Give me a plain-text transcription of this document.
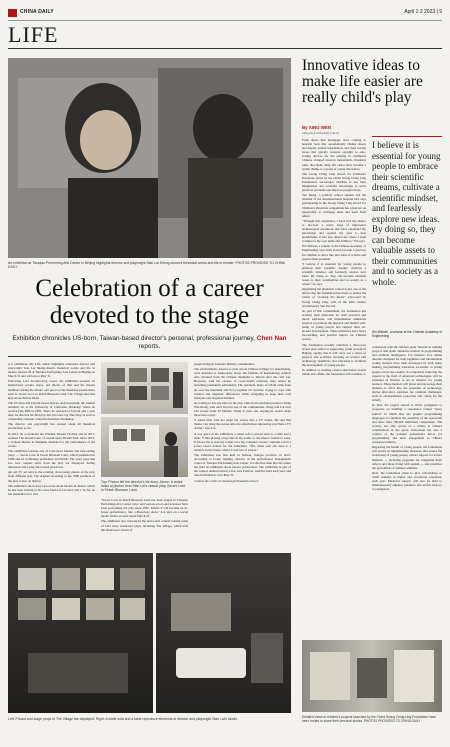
CHINA DAILY	April 1 2 2023 | 9
LIFE
An exhibition at Tianqiao Performing Arts Center in Beijing highlights director and playwright Stan Lai Sheng-chuan's theatrical works and life in theater. PHOTOS PROVIDED TO CHINA DAILY
Innovative ideas to make life easier are really child's play
By XING WEN
xingwen@chinadaily.com.cn

From shoes that disengage laces coming to hospital beds that automatically change sheets and display patient information, and from sewing boxes that quickly reassure eyesight to auto-sorting devices for the parking in traditional Chinese stringed musical instruments, inventive ideas that make daily life easier have become a reality thanks to a group of young innovators.

The Soong Ching Ling Award for Children's Invention, given by the China Soong Ching Ling Foundation, encourages children to use their imagination and scientific knowledge to solve practical problems and improve people's lives.

Tan Meiqi, a primary school student and the inventor of the aforementioned hospital bed, says participating in the Soong Ching Ling Award for Children's Invention competition has given her an opportunity to exchange ideas and learn from others.

"Through this experience, I have had the chance to discover a really large of impressive technological inventions that have expanded my knowledge and opened my eyes to new possibilities. It has also shown me where I need to improve my own skills and abilities," Tan says.

Wu Weiwei, a scholar at the Chinese Academy of Engineering, says such events provide a gateway for children to delve into the realm of science and explore their potential.

"I believe it is essential for young people to embrace their scientific dreams, cultivate a scientific mindset, and fearlessly explore new ideas. By doing so, they can become valuable assets to their communities and to society as a whole," he says.

Organizing the invention contest is just one of the efforts that the foundation has made to realize the vision of "creating the future" advocated by Soong Ching Ling, wife of the 20th century revolutionary Sun Yat-sen.

As part of this commitment, the foundation has actively built platforms for both practical and moral education, and implemented numerous projects to promote the physical and mental well-being of young people and support their all-around development. These initiatives have had a far-reaching and positive impact on Chinese society.

The foundation recently launched a three-year action plan aimed at supporting youth growth in Beijing, saying that it will carry out a series of projects and activities focusing on science and technology, healthcare and education to facilitate the development of young people.

In addition to holding science-innovation events online and offline, the foundation will continue to

I believe it is essential for young people to embrace their scientific dreams, cultivate a scientific mindset, and fearlessly explore new ideas. By doing so, they can become valuable assets to their communities and to society as a whole.
Wu Weiwei, a scholar at the Chinese Academy of Engineering

collaborate with the internet giant Tencent in running projects that spark children's interest in programming and artificial intelligence. For instance, five online tutorials designed for both beginners and intermediate coding learners have been developed by both sides, making programming education accessible to young people across the country. Accompanied exploring the experts in the field of advanced technologies will be extended as invitees to set as mentors for young learners. These mentors will guide and encourage their mentees to delve into the potentials of technology, devise innovative solutions for common challenges, such as environmental protection and caring for the elderly.

In June, the project started to invite youngsters to cooperate on building a responsive virtual "space station" in which they use graphic programming languages to complete the assembly of the spacecraft and more than 180,000 individual components. The activity not only serves as a tribute to China's contributions in the space exploration but also a catalyst of the younger generation's fervor for programming and their engagement to China's aerospace industry.

Regarding the health of young people, the foundation will persist in implementing measures that ensure the well-being of young people, extend support for severe ailments — including programs for congenital heart defects and those living with autism — and prioritize the prevention of common ailments.

Next, the foundation plans to give scholarships to 3,000 students in higher and vocational education, each year. Financial support will also be held to simultaneously enhance guidance and artistic literacy to youngsters.

Detailed views of children's projects launched by the China Soong Ching Ling Foundation have been invited to share their personal stories. PHOTOS PROVIDED TO CHINA DAILY
Celebration of a career devoted to the stage
Exhibition chronicles US-born, Taiwan-based director's personal, professional journey, Chen Nan reports.

A n exhibition, My Life, which highlights renowned director and playwright Stan Lai Sheng-chuan's theatrical works and life in theater, kicked off at Tianqiao Performing Arts Center in Beijing on March 31 and will run to May 31.

Following Lai's decades-long career, the exhibition presents 16 handwritten scripts, notes, old photos of him and his theater members during the debuts, and pieces of his theatrical productions, such as Secret Love in Peach Blossom Land, The Village and One Day Alone Before Dusk.

The US-born and Taiwan-based director and playwright, 68, studied dramatic art at the University of California, Berkeley, where he received his PhD in 1983. Then, he returned to Taiwan and a year later, he directed his first play We All Grew Up This Way, as well as cofounding a theater called Performance Workshop.

The director and playwright has created about 40 theatrical productions so far.

In 2015, he co-founded the Wuzhen Theater Festival and in 2017, realized The Dream Lake, Crosstalk Spice Boiled Fish. Since 2013, a 10-hour theater in Shanghai dedicated to the performance of his works.

The exhibition features one of Lai's most famous and best-selling plays — Secret Love in Peach Blossom Land, which premiered in 1986 and its trafficking performed worldwide. The story goes that two love couples starts from the play are displayed, during rehearsals and a play discovered peach tree.

An old TV set next to the rotating, showcasing photos of the play from different eras. The original recording of the 1986 premiere of the play is also on display.

The exhibition showcases Lai's notes about his life in theater, which he has been starting as his close friend of Lai since 2011. So far, he has published over 100.

Top: Photos tell the director's life story. Above: A visitor looks at photos from Stan Lai's classic play, Secret Love in Peach Blossom Land.

"Secret Love in Peach Blossom Land has been staged in Tianqiao Performing Arts Center twice and various actors and actresses have been performing the play since 1987. Maybe it will become an in-house performance, like a Broadway show," Lai says on a social media Weibo account dated March 25.

The exhibition also introduced the end-world context behind some of Lai's most celebrated plays, including The Village, which tells the bittersweet stories of

people living in Taiwan's military communities.

The environments, known as juan cun in Chinese (village for dependents), were intended to temporarily house the families of Kuomintang soldiers who retreated from the Chinese mainland to Taiwan after the civil war. However, with the closure of cross-Straits relations, they ended up becoming permanent settlements. The residents, many of whom came from all over the mainland and lived together for decades, trying to cope with cultural and linguistic differences while struggling to keep their own lifestyles and original identities.

According to Lai, the idea for the play came from television producer Wang Wei-zhong, who once lived in one of the communities. Wang told Lai over 100 stories from 30 families living in juan cun, hoping he would adapt those into a play.

"I asked him, why not adapt the stories into a TV drama. He said that theater can bring the stories alive in a much more interesting way than a TV drama," says Lai.

A row space at the exhibition, a white sofa is placed next to a table and a chair. "I like placing a big table in my studio or anywhere I intend to work. It allows me to start my scripts on a big computer screen," explains Lai in a poster board written for the exhibition. "The white sofa sits next to a window in my house, where I read lots of scripts."

The exhibition was first held in Suzhou, Jiangsu province, in 2021. According to Liang Jiaming, director of the performance management center of Tianqiao Performing Arts Center, it is the first time that the center has held an exhibition about theater productions. The exhibition is part of the venue's annual festival, Lilac Arts Festival, which is held each year, and runs from March 13 to May 31.

Contact the writer at chennan@chinadaily.com.cn

Left: Photos and stage props of The Village are displayed. Right: A white sofa and a table reproduce elements of director and playwright Stan Lai's studio.
